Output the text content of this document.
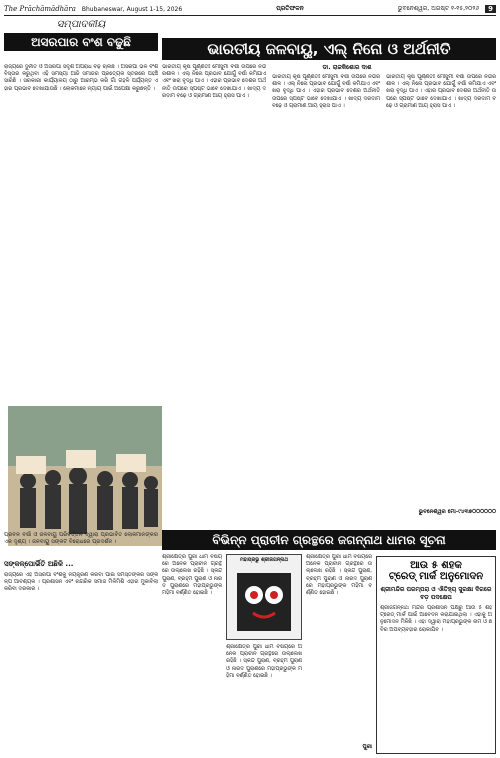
The Prāchāmādhāra Bhubaneswar, August 1-15, 2026	ପ୍ରତିଫଳନ	ଭୁବନେଶ୍ୱର, ଅଗଷ୍ଟ ୧-୧୫,୨୦୨୬	9
ସମ୍ପାଦକୀୟ
ଅସରପାର ବଂଶ ବଢୁଛି
ରାଜ୍ୟରେ ଦୁର୍ନୀତି ଓ ଅସରପା ସଦୃଶ ଅପରାଧ ବଢ଼ି ଚାଲିଛି । ଅସରପା ଭଳି ବଂଶ ବିସ୍ତାର କରୁଥିବା ଏହି ସମସ୍ୟା ଆଜି ସମାଜର ପ୍ରତ୍ୟେକ ସ୍ତରରେ ପହଞ୍ଚି ସାରିଛି । ସରକାରୀ କାର୍ଯ୍ୟାଳୟ ଠାରୁ ଆରମ୍ଭ କରି ଗାଁ ଗହଳି ପର୍ଯ୍ୟନ୍ତ ଏହାର ପ୍ରଭାବ ଦେଖାଯାଉଛି । ଲୋକମାନେ ନ୍ୟାୟ ପାଇଁ ଅପେକ୍ଷା କରୁଛନ୍ତି ।
ଭାରତୀୟ ଜଳବାୟୁ, ଏଲ୍ ନିନୋ ଓ ଅର୍ଥନୀତି
ଡା. ରାଜକିଶୋର ଦାଶ
ଭାରତୀୟ କୃଷି ପୂର୍ଣ୍ଣତଃ ମୌସୁମୀ ବର୍ଷା ଉପରେ ନିର୍ଭରଶୀଳ । ଏଲ୍ ନିନୋ ପ୍ରଭାବ ଯୋଗୁଁ ବର୍ଷା କମିଯାଏ ଏବଂ ଖରା ବୃଦ୍ଧି ପାଏ । ଏହାର ପ୍ରଭାବ ଦେଶର ଅର୍ଥନୀତି ଉପରେ ସ୍ପଷ୍ଟ ଭାବେ ଦେଖାଯାଏ । ଖାଦ୍ୟ ଦରଦାମ ବଢ଼େ ଓ ଗ୍ରାମୀଣ ଆୟ ହ୍ରାସ ପାଏ ।
ଭାରତୀୟ କୃଷି ପୂର୍ଣ୍ଣତଃ ମୌସୁମୀ ବର୍ଷା ଉପରେ ନିର୍ଭରଶୀଳ । ଏଲ୍ ନିନୋ ପ୍ରଭାବ ଯୋଗୁଁ ବର୍ଷା କମିଯାଏ ଏବଂ ଖରା ବୃଦ୍ଧି ପାଏ । ଏହାର ପ୍ରଭାବ ଦେଶର ଅର୍ଥନୀତି ଉପରେ ସ୍ପଷ୍ଟ ଭାବେ ଦେଖାଯାଏ । ଖାଦ୍ୟ ଦରଦାମ ବଢ଼େ ଓ ଗ୍ରାମୀଣ ଆୟ ହ୍ରାସ ପାଏ ।
ଭାରତୀୟ କୃଷି ପୂର୍ଣ୍ଣତଃ ମୌସୁମୀ ବର୍ଷା ଉପରେ ନିର୍ଭରଶୀଳ । ଏଲ୍ ନିନୋ ପ୍ରଭାବ ଯୋଗୁଁ ବର୍ଷା କମିଯାଏ ଏବଂ ଖରା ବୃଦ୍ଧି ପାଏ । ଏହାର ପ୍ରଭାବ ଦେଶର ଅର୍ଥନୀତି ଉପରେ ସ୍ପଷ୍ଟ ଭାବେ ଦେଖାଯାଏ । ଖାଦ୍ୟ ଦରଦାମ ବଢ଼େ ଓ ଗ୍ରାମୀଣ ଆୟ ହ୍ରାସ ପାଏ ।
ଭୁବନେଶ୍ୱର ମୋ-୯୪୩୭୦୦୦୦୦୦
ପ୍ରବଳ ବର୍ଷା ଓ ଜଳବାୟୁ ପରିବର୍ତ୍ତନ ଦ୍ୱାରା ପ୍ରଭାବିତ ଲୋକମାନଙ୍କର ଏକ ଦୃଶ୍ୟ । ଜଳବାୟୁ ସଙ୍କଟ ବିରୋଧରେ ପ୍ରଦର୍ଶନ ।
ସଙ୍କଳ୍ପୋର୍ଭିତି ଅଛିକି ...
ବିଭିନ୍ନ ପ୍ରାଚୀନ ଗ୍ରନ୍ଥରେ ଜଗନ୍ନାଥ ଧାମର ସୂଚନା
ଶ୍ରୀକ୍ଷେତ୍ର ପୁରୀ ଧାମ ବିଷୟରେ ଅନେକ ପ୍ରାଚୀନ ଗ୍ରନ୍ଥରେ ଉଲ୍ଲେଖ ରହିଛି । ସ୍କନ୍ଦ ପୁରାଣ, ବ୍ରହ୍ମ ପୁରାଣ ଓ ନାରଦ ପୁରାଣରେ ମହାପ୍ରଭୁଙ୍କ ମହିମା ବର୍ଣ୍ଣିତ ହୋଇଛି ।
ମହାପ୍ରଭୁ ଶ୍ରୀଜଗନ୍ନାଥ
ଶ୍ରୀକ୍ଷେତ୍ର ପୁରୀ ଧାମ ବିଷୟରେ ଅନେକ ପ୍ରାଚୀନ ଗ୍ରନ୍ଥରେ ଉଲ୍ଲେଖ ରହିଛି । ସ୍କନ୍ଦ ପୁରାଣ, ବ୍ରହ୍ମ ପୁରାଣ ଓ ନାରଦ ପୁରାଣରେ ମହାପ୍ରଭୁଙ୍କ ମହିମା ବର୍ଣ୍ଣିତ ହୋଇଛି ।
ଶ୍ରୀକ୍ଷେତ୍ର ପୁରୀ ଧାମ ବିଷୟରେ ଅନେକ ପ୍ରାଚୀନ ଗ୍ରନ୍ଥରେ ଉଲ୍ଲେଖ ରହିଛି । ସ୍କନ୍ଦ ପୁରାଣ, ବ୍ରହ୍ମ ପୁରାଣ ଓ ନାରଦ ପୁରାଣରେ ମହାପ୍ରଭୁଙ୍କ ମହିମା ବର୍ଣ୍ଣିତ ହୋଇଛି ।
ପୁରୀ
ଆଉ ୫ ଶହକ
ଟ୍ରେଡ୍ ମାର୍କ ଅନୁମୋଦନ
ଶ୍ରୀମନ୍ଦିର ପରମ୍ପରା ଓ ଐତିହ୍ୟ ସୁରକ୍ଷା ଦିଗରେ ବଡ଼ ପଦକ୍ଷେପ
ଶ୍ରୀଜଗନ୍ନାଥ ମନ୍ଦିର ପ୍ରଶାସନ ପକ୍ଷରୁ ଆଉ ୫ ଶହ ଟ୍ରେଡ୍ ମାର୍କ ପାଇଁ ଆବେଦନ କରାଯାଇଥିଲା । ଏହାକୁ ଅନୁମୋଦନ ମିଳିଛି । ଏହା ଦ୍ୱାରା ମହାପ୍ରଭୁଙ୍କ ନାମ ଓ ଛବିର ଅପବ୍ୟବହାର ରୋକାଯିବ ।
ରାଜ୍ୟରେ ଏହି ଅସରପା ବଂଶକୁ ନିୟନ୍ତ୍ରଣ କରିବା ପାଇଁ ସମସ୍ତଙ୍କର ସଙ୍କଳ୍ପ ଆବଶ୍ୟକ । ପ୍ରଶାସନ ଏବଂ ନାଗରିକ ସମାଜ ମିଳିମିଶି ଏହାର ମୁକାବିଲା କରିବା ଦରକାର ।
